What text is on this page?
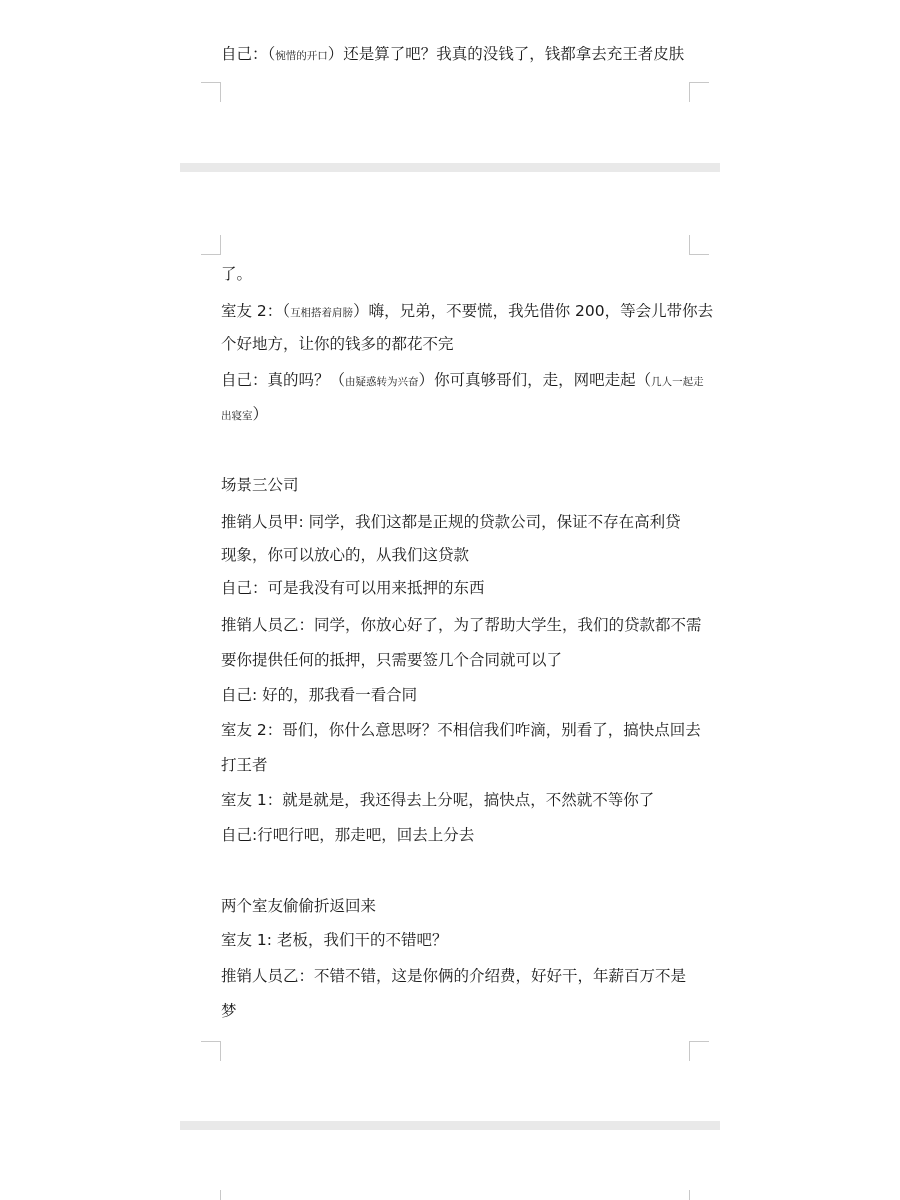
自己：（惋惜的开口）还是算了吧？我真的没钱了，钱都拿去充王者皮肤
了。
室友 2：（互相搭着肩膀）嗨，兄弟，不要慌，我先借你 200，等会儿带你去
个好地方，让你的钱多的都花不完
自己：真的吗？（由疑惑转为兴奋）你可真够哥们，走，网吧走起（几人一起走
出寝室）
场景三公司
推销人员甲: 同学，我们这都是正规的贷款公司，保证不存在高利贷
现象，你可以放心的，从我们这贷款
自己：可是我没有可以用来抵押的东西
推销人员乙：同学，你放心好了，为了帮助大学生，我们的贷款都不需
要你提供任何的抵押，只需要签几个合同就可以了
自己: 好的，那我看一看合同
室友 2：哥们，你什么意思呀？不相信我们咋滴，别看了，搞快点回去
打王者
室友 1：就是就是，我还得去上分呢，搞快点，不然就不等你了
自己:行吧行吧，那走吧，回去上分去
两个室友偷偷折返回来
室友 1: 老板，我们干的不错吧？
推销人员乙：不错不错，这是你俩的介绍费，好好干，年薪百万不是
梦
